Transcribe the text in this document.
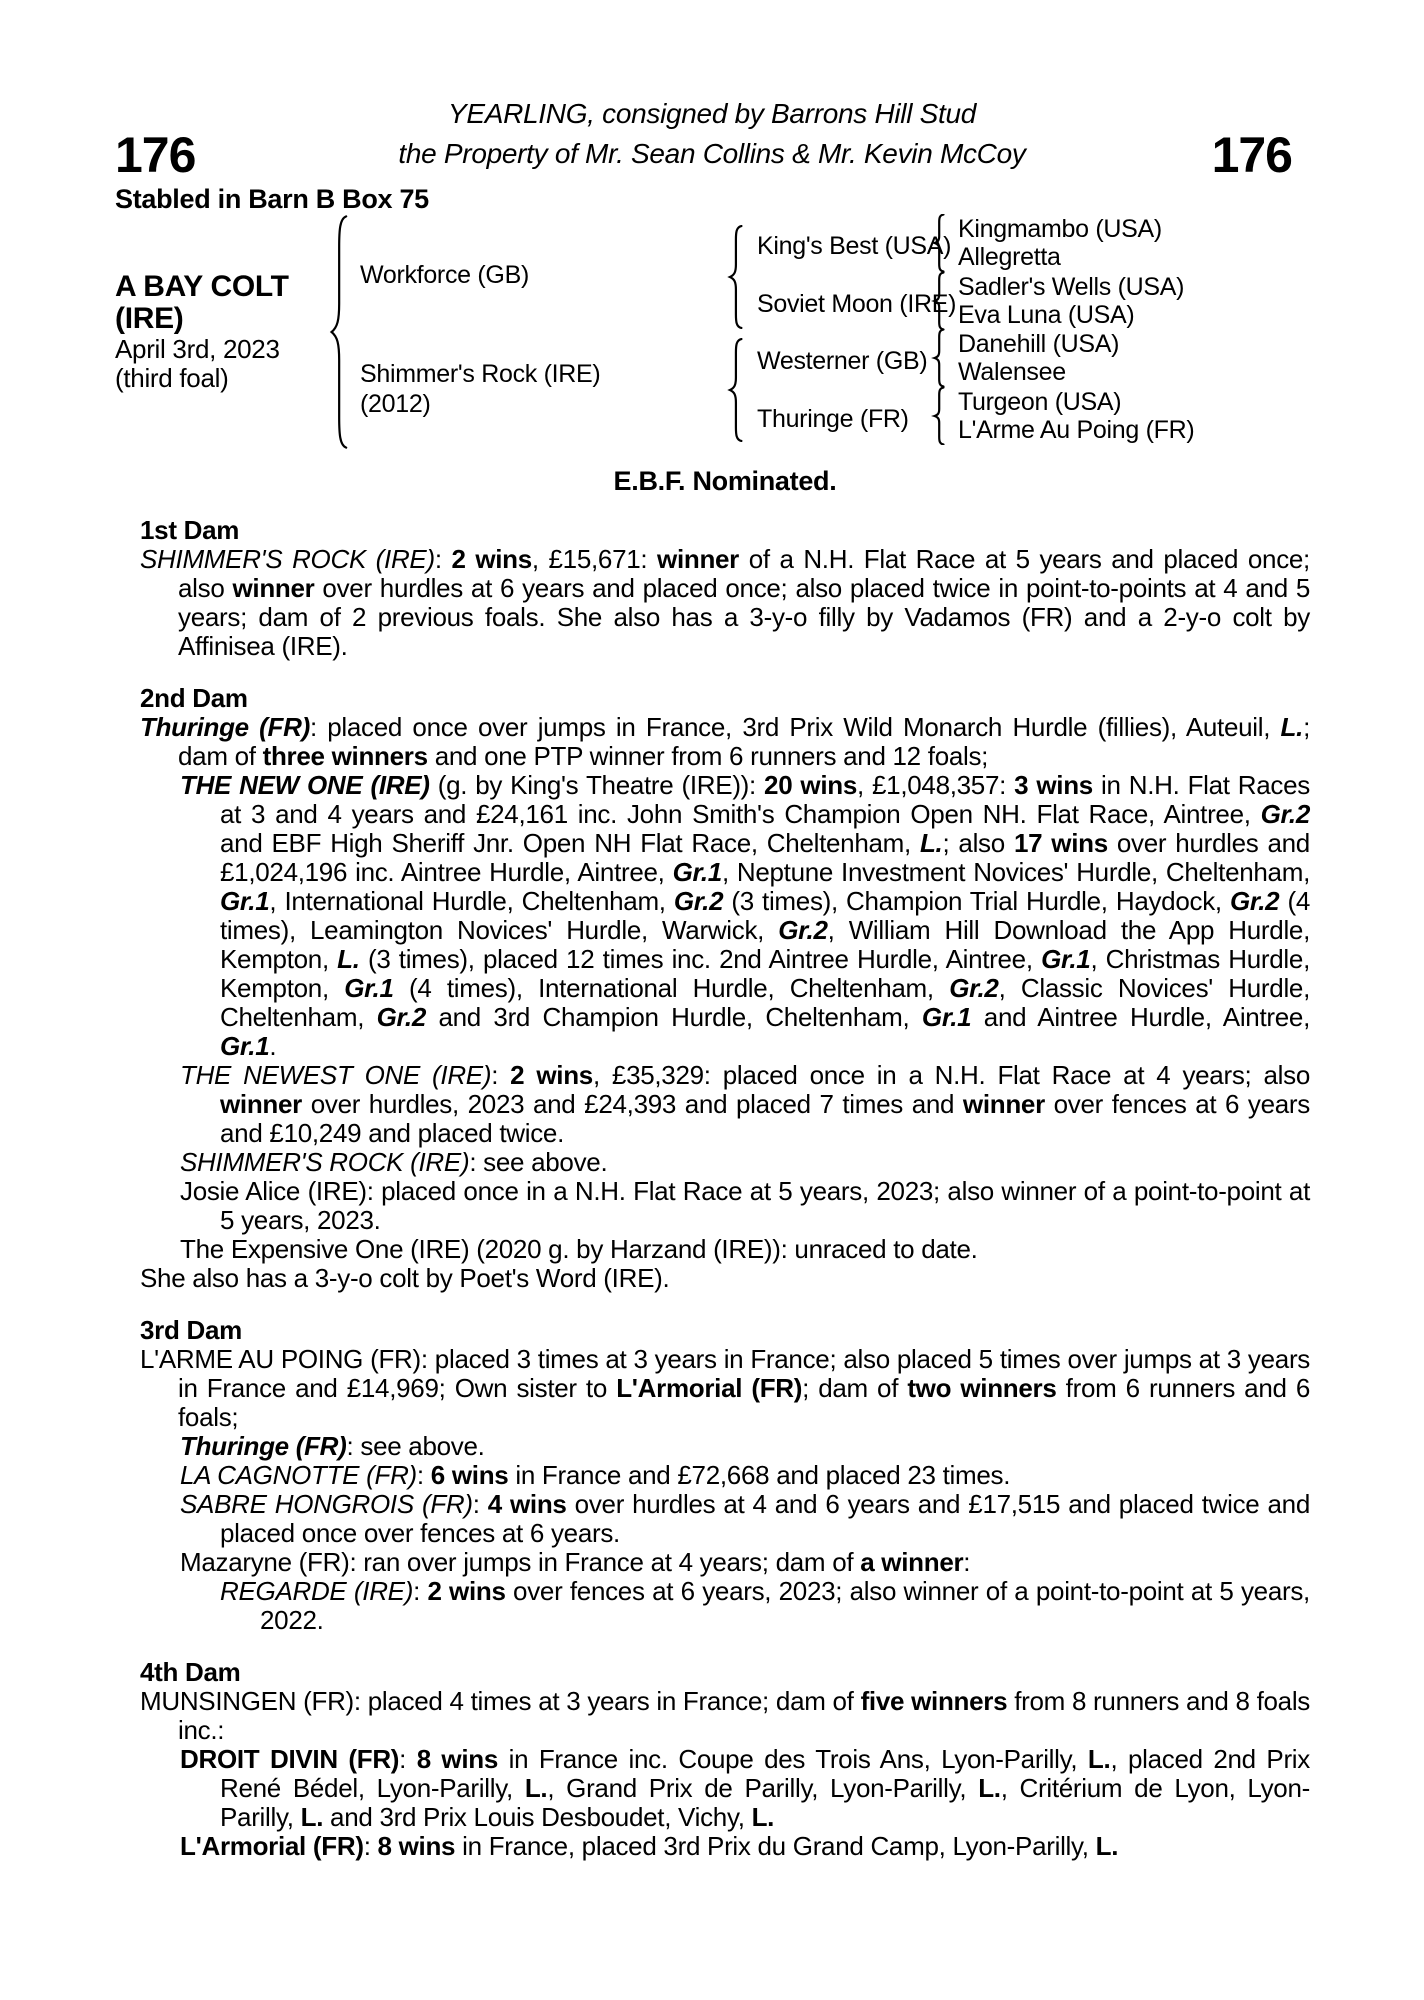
YEARLING, consigned by Barrons Hill Stud
176	the Property of Mr. Sean Collins & Mr. Kevin McCoy	176
Stabled in Barn B Box 75
A BAY COLT
(IRE)
April 3rd, 2023
(third foal)
Workforce (GB)
Shimmer's Rock (IRE)
(2012)
King's Best (USA)
Soviet Moon (IRE)
Westerner (GB)
Thuringe (FR)
Kingmambo (USA)
Allegretta
Sadler's Wells (USA)
Eva Luna (USA)
Danehill (USA)
Walensee
Turgeon (USA)
L'Arme Au Poing (FR)
E.B.F. Nominated.
1st Dam

SHIMMER'S ROCK (IRE): 2 wins, £15,671: winner of a N.H. Flat Race at 5 years and placed once; also winner over hurdles at 6 years and placed once; also placed twice in point-to-points at 4 and 5 years; dam of 2 previous foals. She also has a 3-y-o filly by Vadamos (FR) and a 2-y-o colt by Affinisea (IRE).

2nd Dam

Thuringe (FR): placed once over jumps in France, 3rd Prix Wild Monarch Hurdle (fillies), Auteuil, L.; dam of three winners and one PTP winner from 6 runners and 12 foals;

THE NEW ONE (IRE) (g. by King's Theatre (IRE)): 20 wins, £1,048,357: 3 wins in N.H. Flat Races at 3 and 4 years and £24,161 inc. John Smith's Champion Open NH. Flat Race, Aintree, Gr.2 and EBF High Sheriff Jnr. Open NH Flat Race, Cheltenham, L.; also 17 wins over hurdles and £1,024,196 inc. Aintree Hurdle, Aintree, Gr.1, Neptune Investment Novices' Hurdle, Cheltenham, Gr.1, International Hurdle, Cheltenham, Gr.2 (3 times), Champion Trial Hurdle, Haydock, Gr.2 (4 times), Leamington Novices' Hurdle, Warwick, Gr.2, William Hill Download the App Hurdle, Kempton, L. (3 times), placed 12 times inc. 2nd Aintree Hurdle, Aintree, Gr.1, Christmas Hurdle, Kempton, Gr.1 (4 times), International Hurdle, Cheltenham, Gr.2, Classic Novices' Hurdle, Cheltenham, Gr.2 and 3rd Champion Hurdle, Cheltenham, Gr.1 and Aintree Hurdle, Aintree, Gr.1.

THE NEWEST ONE (IRE): 2 wins, £35,329: placed once in a N.H. Flat Race at 4 years; also winner over hurdles, 2023 and £24,393 and placed 7 times and winner over fences at 6 years and £10,249 and placed twice.

SHIMMER'S ROCK (IRE): see above.

Josie Alice (IRE): placed once in a N.H. Flat Race at 5 years, 2023; also winner of a point-to-point at 5 years, 2023.

The Expensive One (IRE) (2020 g. by Harzand (IRE)): unraced to date.

She also has a 3-y-o colt by Poet's Word (IRE).

3rd Dam

L'ARME AU POING (FR): placed 3 times at 3 years in France; also placed 5 times over jumps at 3 years in France and £14,969; Own sister to L'Armorial (FR); dam of two winners from 6 runners and 6 foals;

Thuringe (FR): see above.

LA CAGNOTTE (FR): 6 wins in France and £72,668 and placed 23 times.

SABRE HONGROIS (FR): 4 wins over hurdles at 4 and 6 years and £17,515 and placed twice and placed once over fences at 6 years.

Mazaryne (FR): ran over jumps in France at 4 years; dam of a winner:

REGARDE (IRE): 2 wins over fences at 6 years, 2023; also winner of a point-to-point at 5 years, 2022.

4th Dam

MUNSINGEN (FR): placed 4 times at 3 years in France; dam of five winners from 8 runners and 8 foals inc.:

DROIT DIVIN (FR): 8 wins in France inc. Coupe des Trois Ans, Lyon-Parilly, L., placed 2nd Prix René Bédel, Lyon-Parilly, L., Grand Prix de Parilly, Lyon-Parilly, L., Critérium de Lyon, Lyon-Parilly, L. and 3rd Prix Louis Desboudet, Vichy, L.

L'Armorial (FR): 8 wins in France, placed 3rd Prix du Grand Camp, Lyon-Parilly, L.
